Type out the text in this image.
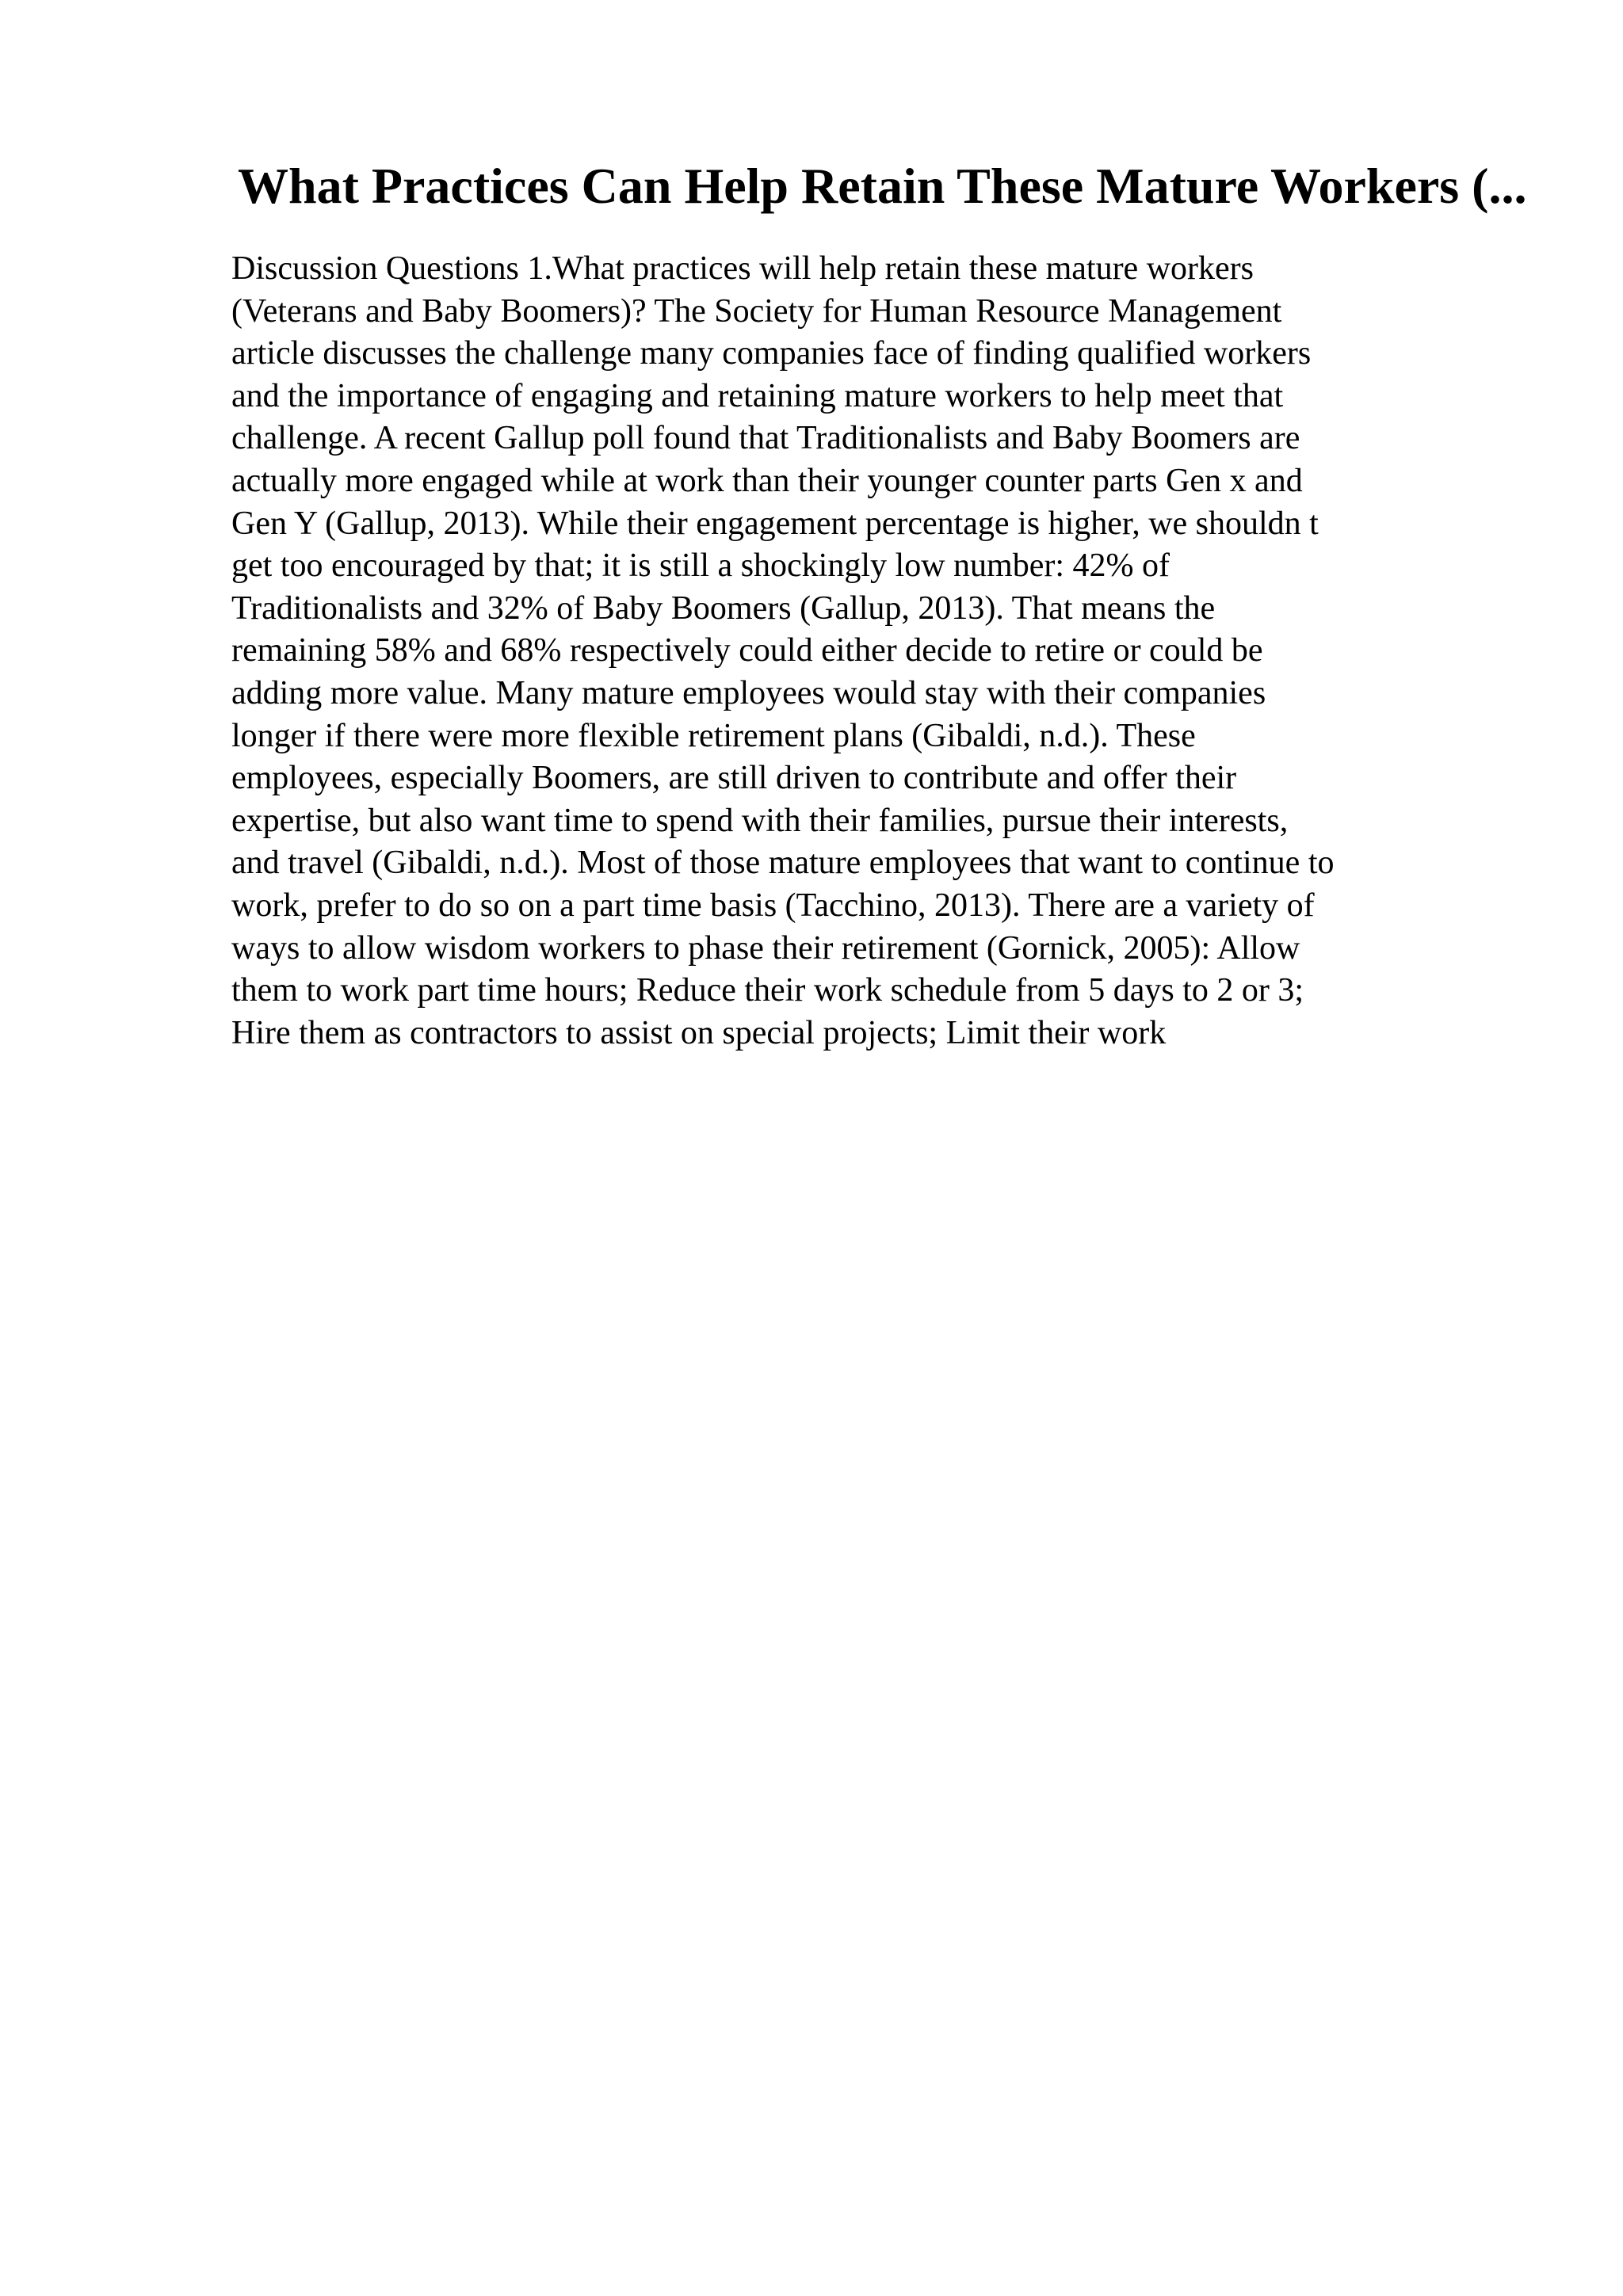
What Practices Can Help Retain These Mature Workers (...
Discussion Questions 1.What practices will help retain these mature workers
(Veterans and Baby Boomers)? The Society for Human Resource Management
article discusses the challenge many companies face of finding qualified workers
and the importance of engaging and retaining mature workers to help meet that
challenge. A recent Gallup poll found that Traditionalists and Baby Boomers are
actually more engaged while at work than their younger counter parts Gen x and
Gen Y (Gallup, 2013). While their engagement percentage is higher, we shouldn t
get too encouraged by that; it is still a shockingly low number: 42% of
Traditionalists and 32% of Baby Boomers (Gallup, 2013). That means the
remaining 58% and 68% respectively could either decide to retire or could be
adding more value. Many mature employees would stay with their companies
longer if there were more flexible retirement plans (Gibaldi, n.d.). These
employees, especially Boomers, are still driven to contribute and offer their
expertise, but also want time to spend with their families, pursue their interests,
and travel (Gibaldi, n.d.). Most of those mature employees that want to continue to
work, prefer to do so on a part time basis (Tacchino, 2013). There are a variety of
ways to allow wisdom workers to phase their retirement (Gornick, 2005): Allow
them to work part time hours; Reduce their work schedule from 5 days to 2 or 3;
Hire them as contractors to assist on special projects; Limit their work
